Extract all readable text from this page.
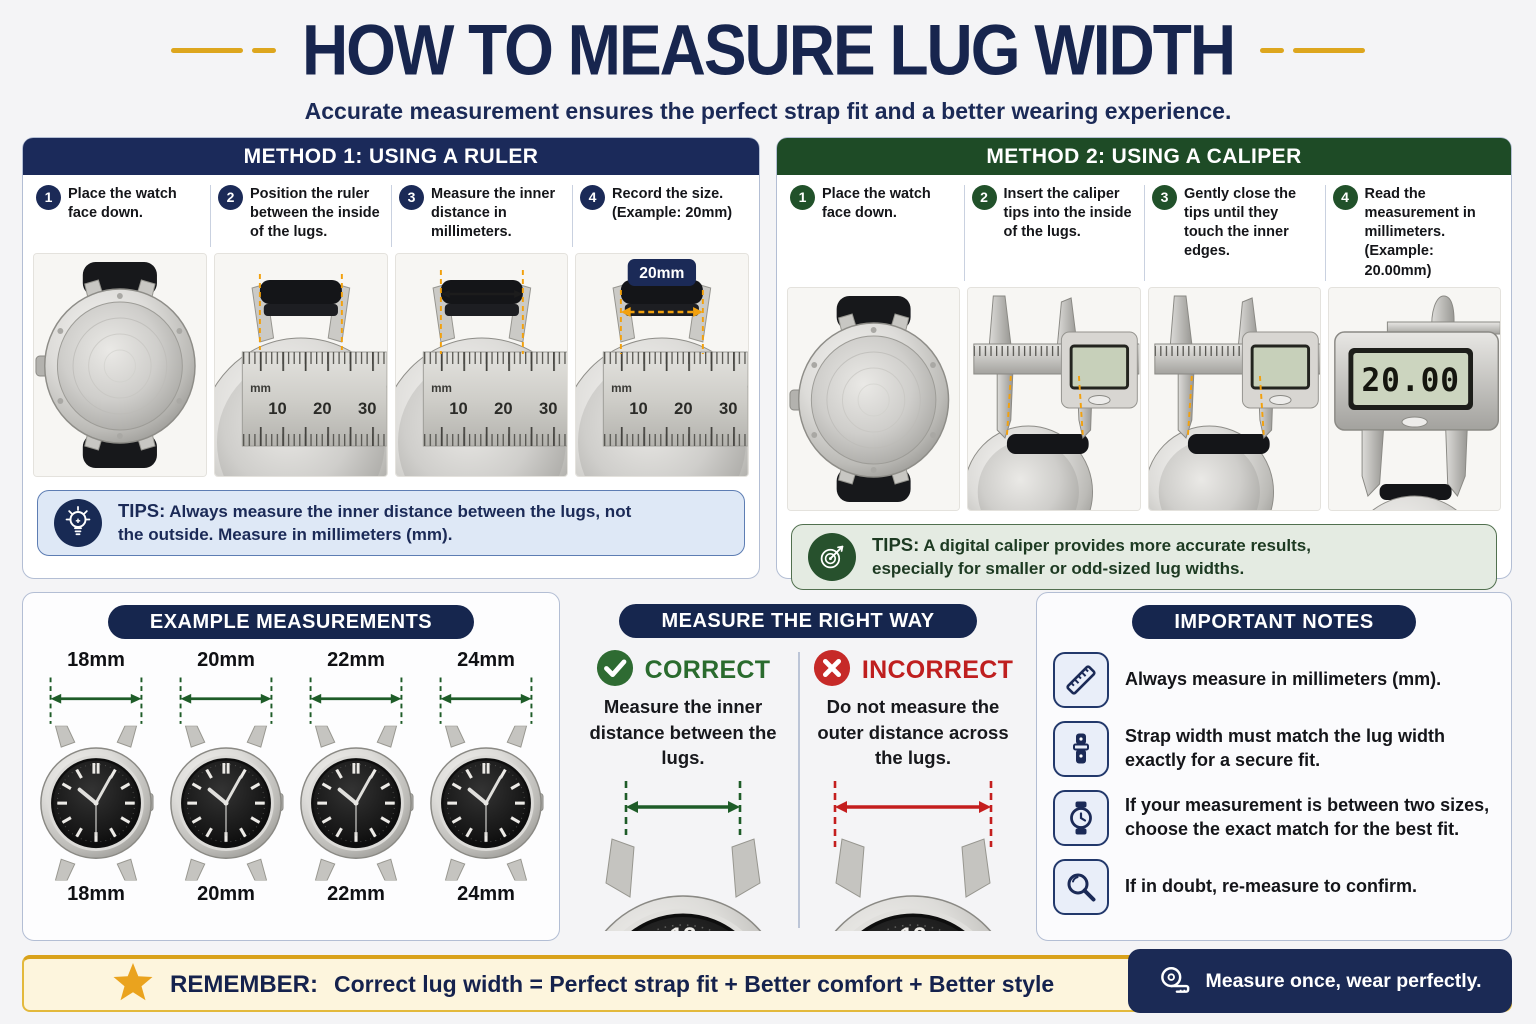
HOW TO MEASURE LUG WIDTH

Accurate measurement ensures the perfect strap fit and a better wearing experience.

METHOD 1: USING A RULER
1	Place the watch face down.
2	Position the ruler between the inside of the lugs.
3	Measure the inner distance in millimeters.
4	Record the size. (Example: 20mm)
20mm

TIPS: Always measure the inner distance between the lugs, not the outside. Measure in millimeters (mm).

METHOD 2: USING A CALIPER
1	Place the watch face down.
2	Insert the caliper tips into the inside of the lugs.
3	Gently close the tips until they touch the inner edges.
4	Read the measurement in millimeters. (Example: 20.00mm)
20.00

TIPS: A digital caliper provides more accurate results, especially for smaller or odd-sized lug widths.

EXAMPLE MEASUREMENTS
18mm
18mm
20mm
20mm
22mm
22mm
24mm
24mm
MEASURE THE RIGHT WAY
CORRECT

Measure the inner distance between the lugs.

INCORRECT

Do not measure the outer distance across the lugs.

IMPORTANT NOTES
Always measure in millimeters (mm).
Strap width must match the lug width exactly for a secure fit.
If your measurement is between two sizes, choose the exact match for the best fit.
If in doubt, re-measure to confirm.
REMEMBER: Correct lug width = Perfect strap fit + Better comfort + Better style	Measure once, wear perfectly.
